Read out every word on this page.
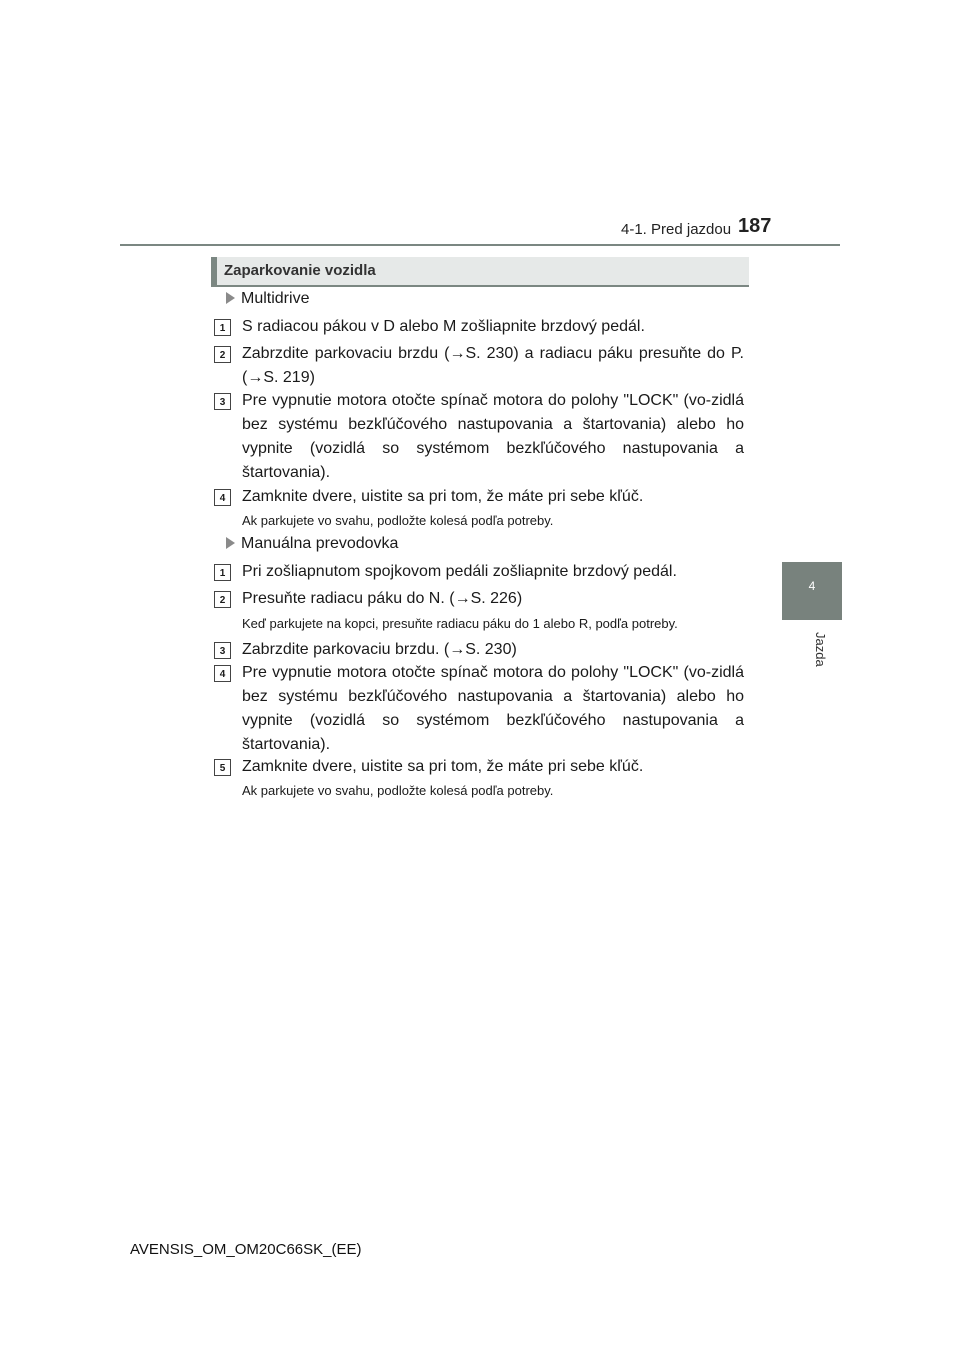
4-1. Pred jazdou 187
4
Jazda
Zaparkovanie vozidla
Multidrive
1	S radiacou pákou v D alebo M zošliapnite brzdový pedál.

2	Zabrzdite parkovaciu brzdu (→S. 230) a radiacu páku presuňte do P. (→S. 219)

3	Pre vypnutie motora otočte spínač motora do polohy "LOCK" (vo-zidlá bez systému bezkľúčového nastupovania a štartovania) alebo ho vypnite (vozidlá so systémom bezkľúčového nastupovania a štartovania).

4	Zamknite dvere, uistite sa pri tom, že máte pri sebe kľúč.

Ak parkujete vo svahu, podložte kolesá podľa potreby.

Manuálna prevodovka
1	Pri zošliapnutom spojkovom pedáli zošliapnite brzdový pedál.

2	Presuňte radiacu páku do N. (→S. 226)

Keď parkujete na kopci, presuňte radiacu páku do 1 alebo R, podľa potreby.

3	Zabrzdite parkovaciu brzdu. (→S. 230)

4	Pre vypnutie motora otočte spínač motora do polohy "LOCK" (vo-zidlá bez systému bezkľúčového nastupovania a štartovania) alebo ho vypnite (vozidlá so systémom bezkľúčového nastupovania a štartovania).

5	Zamknite dvere, uistite sa pri tom, že máte pri sebe kľúč.

Ak parkujete vo svahu, podložte kolesá podľa potreby.

AVENSIS_OM_OM20C66SK_(EE)
